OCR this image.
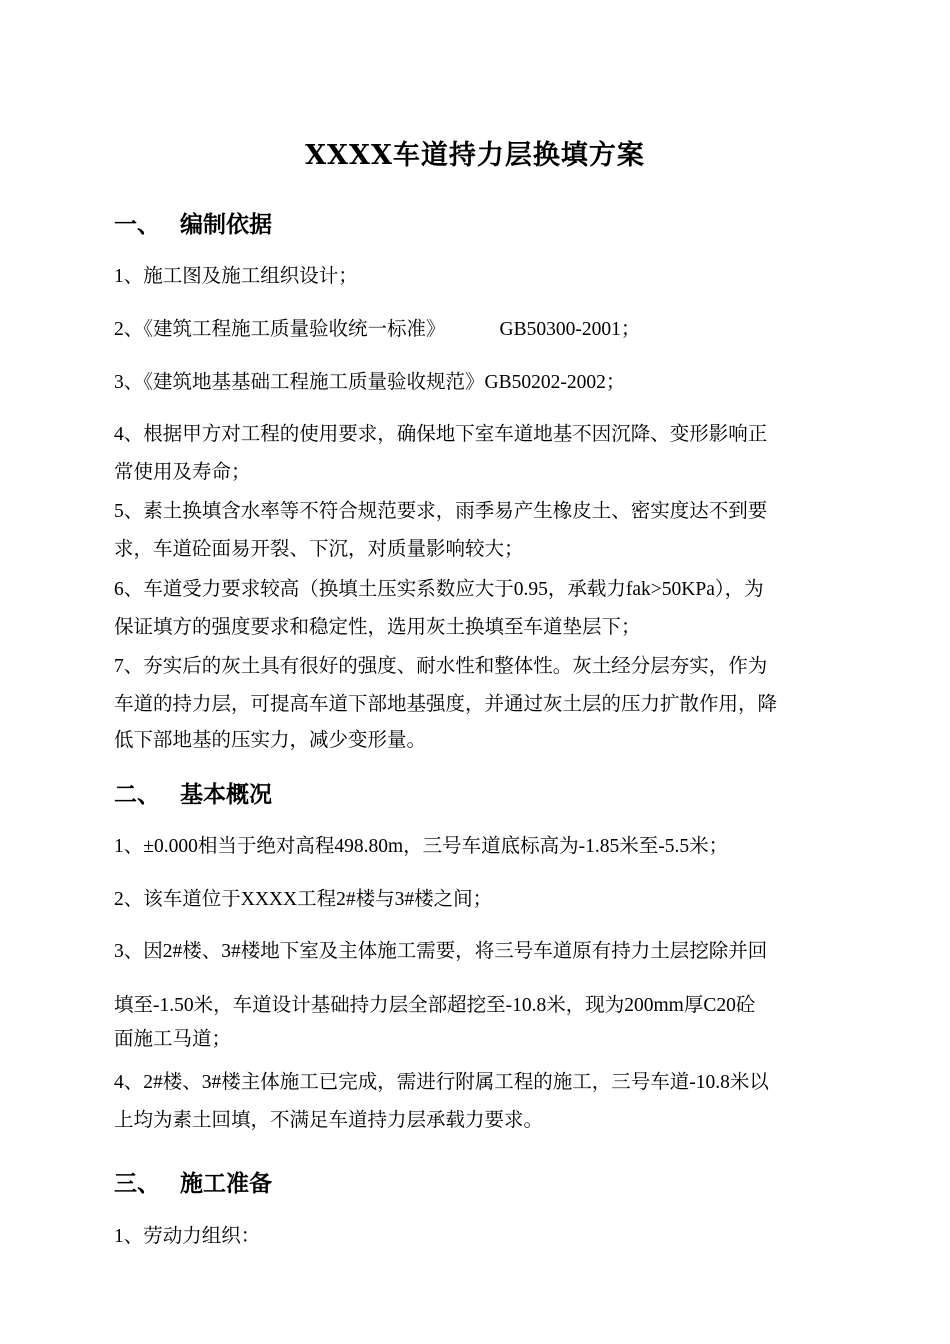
XXXX车道持力层换填方案
一、 编制依据
1、施工图及施工组织设计；
2、《建筑工程施工质量验收统一标准》	GB50300-2001；
3、《建筑地基基础工程施工质量验收规范》GB50202-2002；
4、根据甲方对工程的使用要求，确保地下室车道地基不因沉降、变形影响正
常使用及寿命；
5、素土换填含水率等不符合规范要求，雨季易产生橡皮土、密实度达不到要
求，车道砼面易开裂、下沉，对质量影响较大；
6、车道受力要求较高（换填土压实系数应大于0.95，承载力fak>50KPa），为
保证填方的强度要求和稳定性，选用灰土换填至车道垫层下；
7、夯实后的灰土具有很好的强度、耐水性和整体性。灰土经分层夯实，作为
车道的持力层，可提高车道下部地基强度，并通过灰土层的压力扩散作用，降
低下部地基的压实力，减少变形量。
二、 基本概况
1、±0.000相当于绝对高程498.80m，三号车道底标高为-1.85米至-5.5米；
2、该车道位于XXXX工程2#楼与3#楼之间；
3、因2#楼、3#楼地下室及主体施工需要，将三号车道原有持力土层挖除并回
填至-1.50米，车道设计基础持力层全部超挖至-10.8米，现为200mm厚C20砼
面施工马道；
4、2#楼、3#楼主体施工已完成，需进行附属工程的施工，三号车道-10.8米以
上均为素土回填，不满足车道持力层承载力要求。
三、 施工准备
1、劳动力组织：
